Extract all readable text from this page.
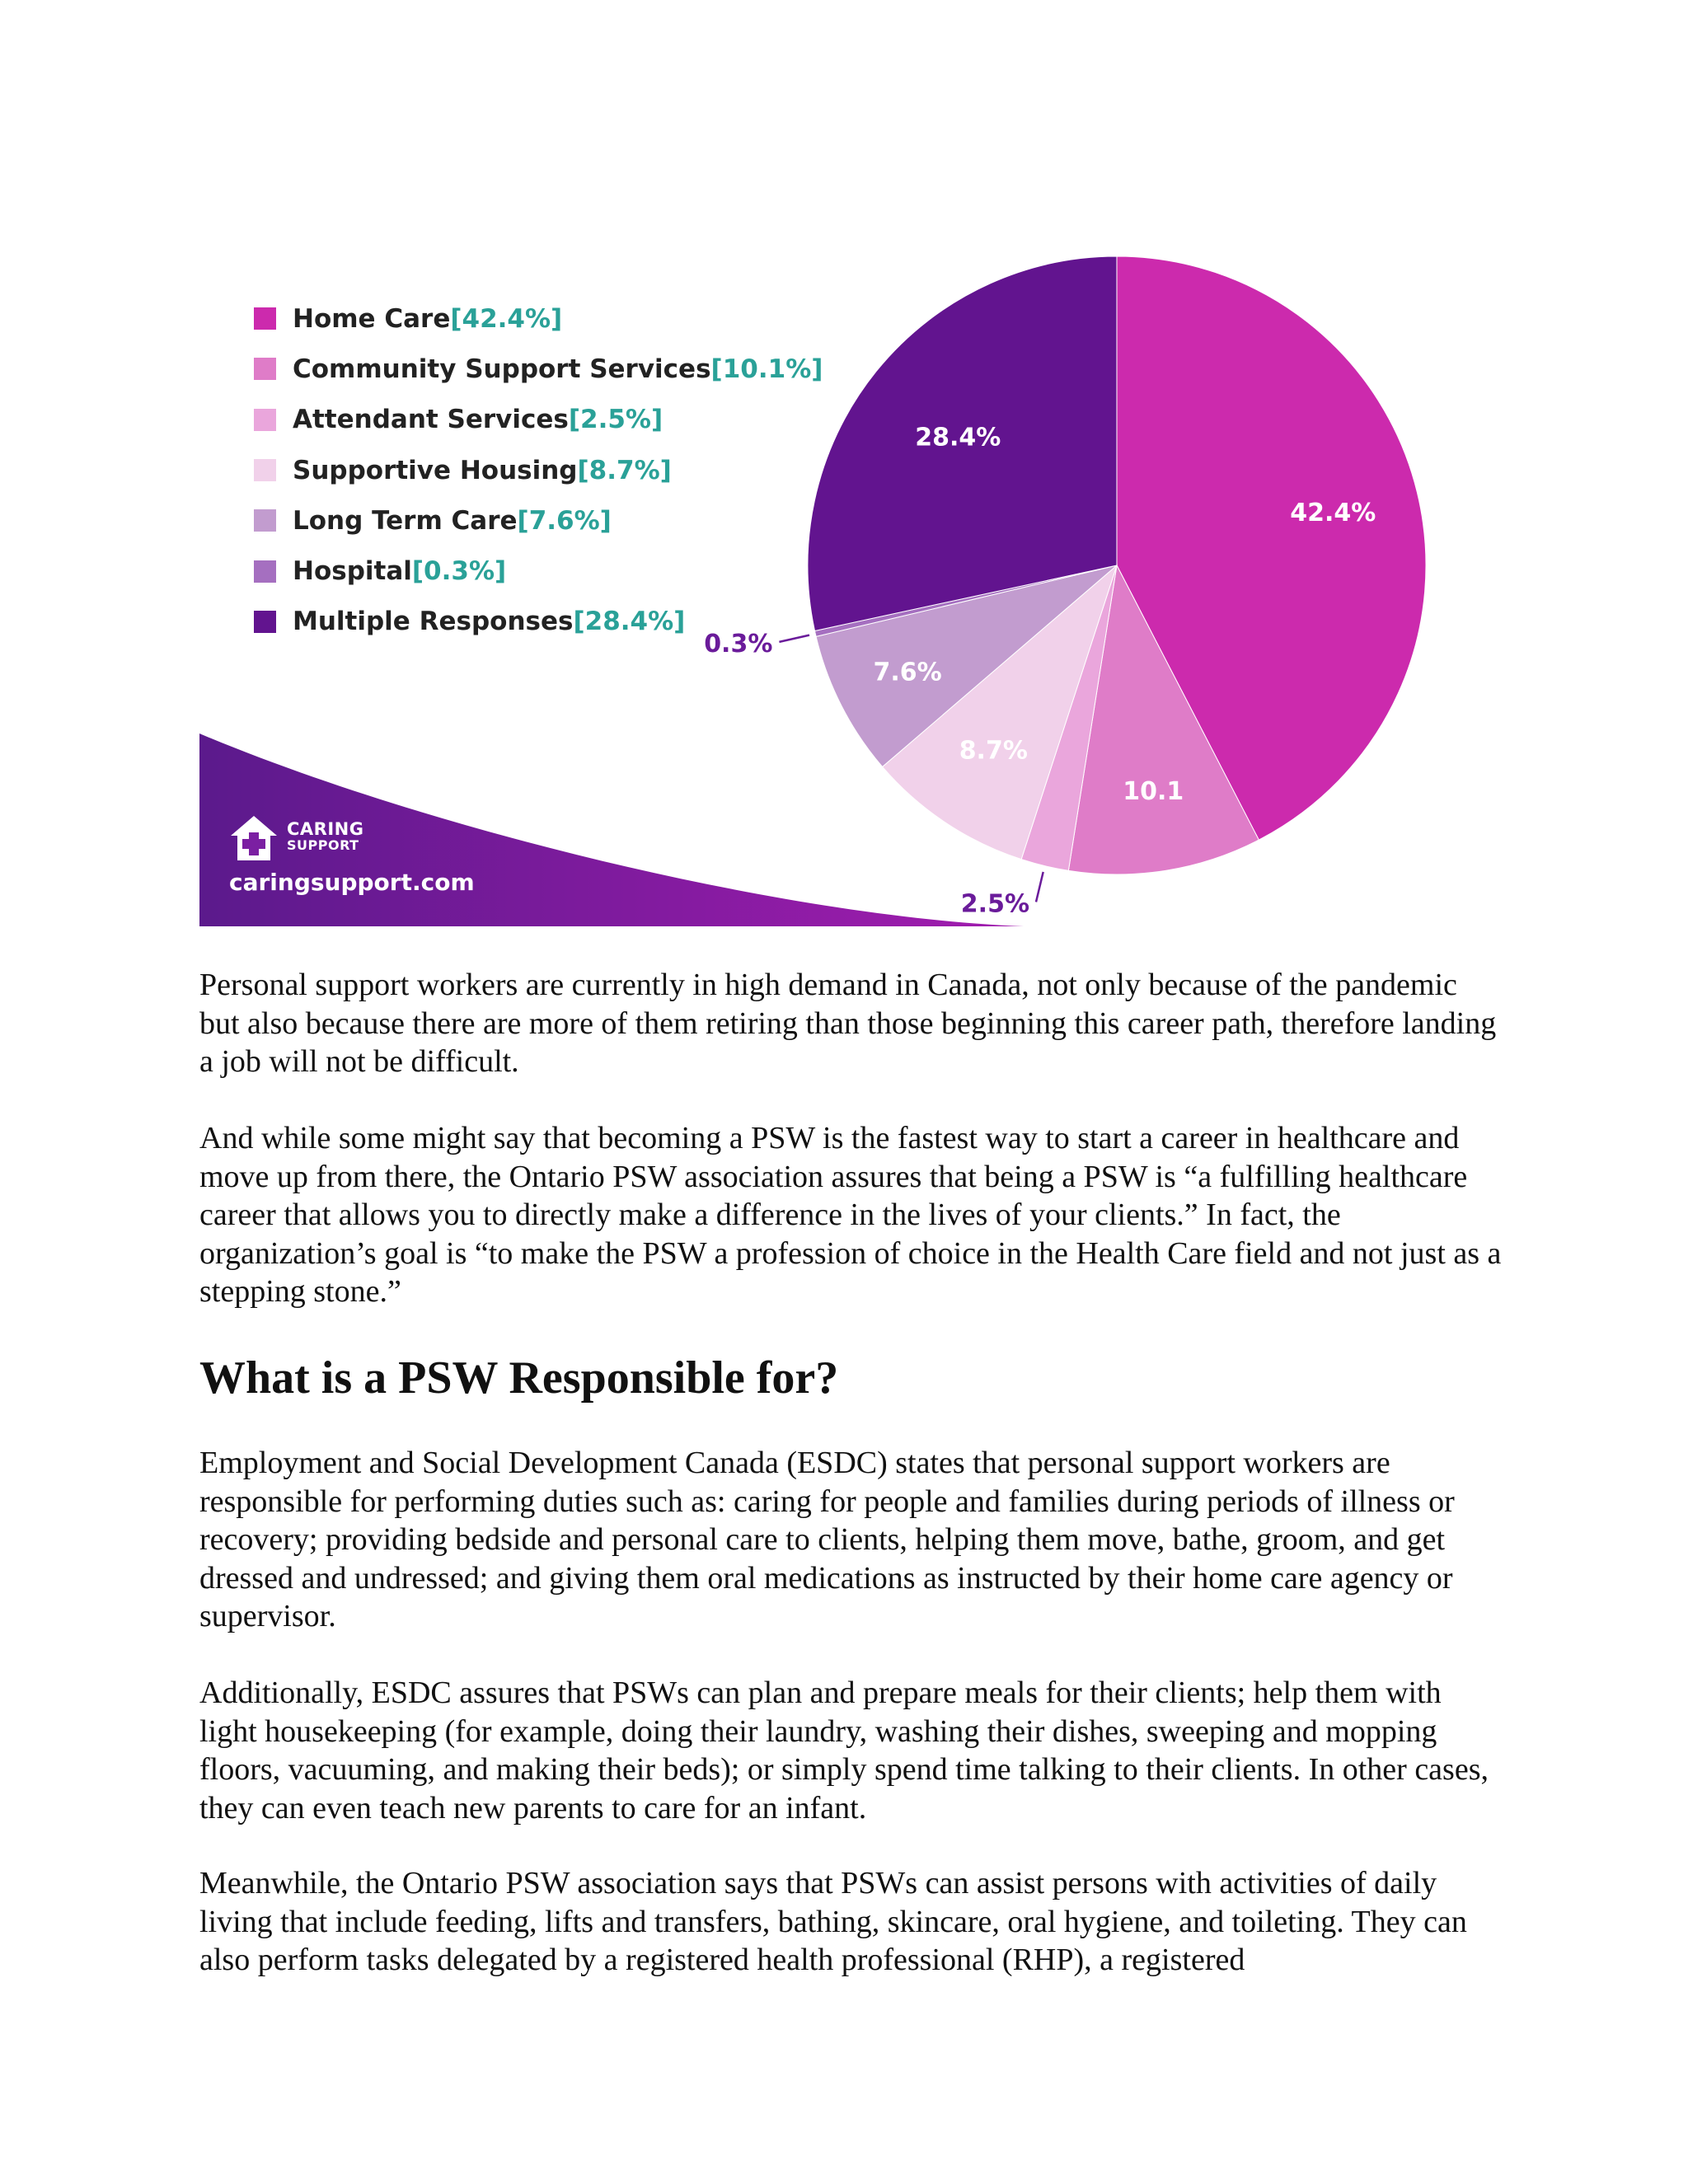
42.4%
10.1
2.5%
8.7%
7.6%
0.3%
28.4%
Home Care [42.4%]
Community Support Services [10.1%]
Attendant Services [2.5%]
Supportive Housing [8.7%]
Long Term Care [7.6%]
Hospital [0.3%]
Multiple Responses [28.4%]
CARING
SUPPORT
caringsupport.com

Personal support workers are currently in high demand in Canada, not only because of the pandemic but also because there are more of them retiring than those beginning this career path, therefore landing a job will not be difficult.

And while some might say that becoming a PSW is the fastest way to start a career in healthcare and move up from there, the Ontario PSW association assures that being a PSW is “a fulfilling healthcare career that allows you to directly make a difference in the lives of your clients.” In fact, the organization’s goal is “to make the PSW a profession of choice in the Health Care field and not just as a stepping stone.”

What is a PSW Responsible for?

Employment and Social Development Canada (ESDC) states that personal support workers are responsible for performing duties such as: caring for people and families during periods of illness or recovery; providing bedside and personal care to clients, helping them move, bathe, groom, and get dressed and undressed; and giving them oral medications as instructed by their home care agency or supervisor.

Additionally, ESDC assures that PSWs can plan and prepare meals for their clients; help them with light housekeeping (for example, doing their laundry, washing their dishes, sweeping and mopping floors, vacuuming, and making their beds); or simply spend time talking to their clients. In other cases, they can even teach new parents to care for an infant.

Meanwhile, the Ontario PSW association says that PSWs can assist persons with activities of daily living that include feeding, lifts and transfers, bathing, skincare, oral hygiene, and toileting. They can also perform tasks delegated by a registered health professional (RHP), a registered
